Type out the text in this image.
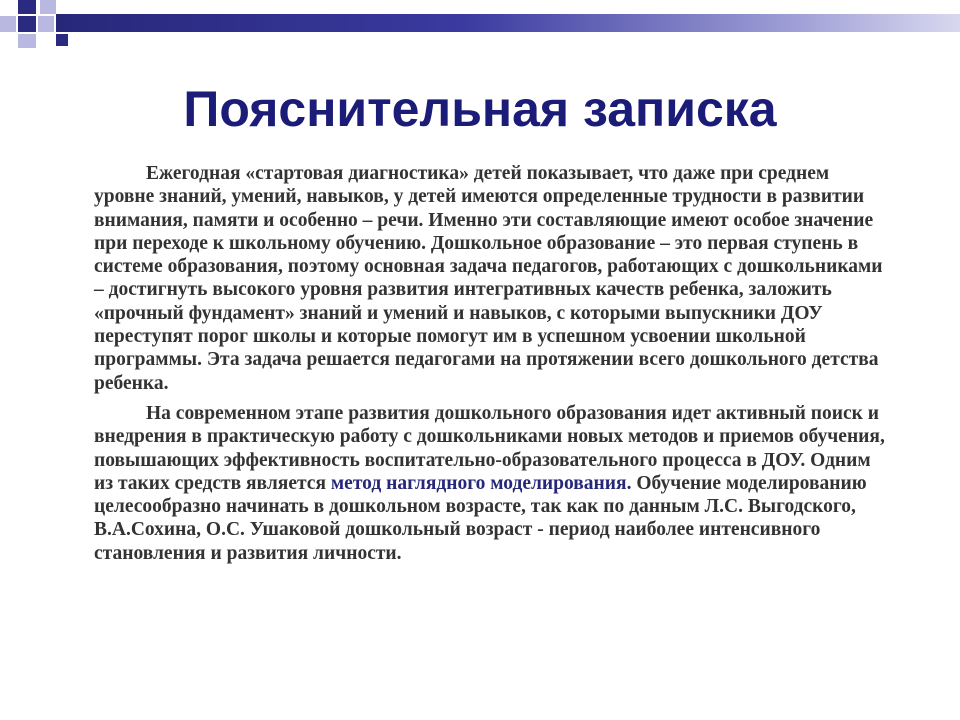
Пояснительная записка

Ежегодная «стартовая диагностика» детей показывает, что даже при среднем уровне знаний, умений, навыков, у детей имеются определенные трудности в развитии внимания, памяти и особенно – речи. Именно эти составляющие имеют особое значение при переходе к школьному обучению. Дошкольное образование – это первая ступень в системе образования, поэтому основная задача педагогов, работающих с дошкольниками – достигнуть высокого уровня развития интегративных качеств ребенка, заложить «прочный фундамент» знаний и умений и навыков, с которыми выпускники ДОУ переступят порог школы и которые помогут им в успешном усвоении школьной программы. Эта задача решается педагогами на протяжении всего дошкольного детства ребенка.

На современном этапе развития дошкольного образования идет активный поиск и внедрения в практическую работу с дошкольниками новых методов и приемов обучения, повышающих эффективность воспитательно-образовательного процесса в ДОУ. Одним из таких средств является метод наглядного моделирования. Обучение моделированию целесообразно начинать в дошкольном возрасте, так как по данным Л.С. Выгодского, В.А.Сохина, О.С. Ушаковой дошкольный возраст - период наиболее интенсивного становления и развития личности.
